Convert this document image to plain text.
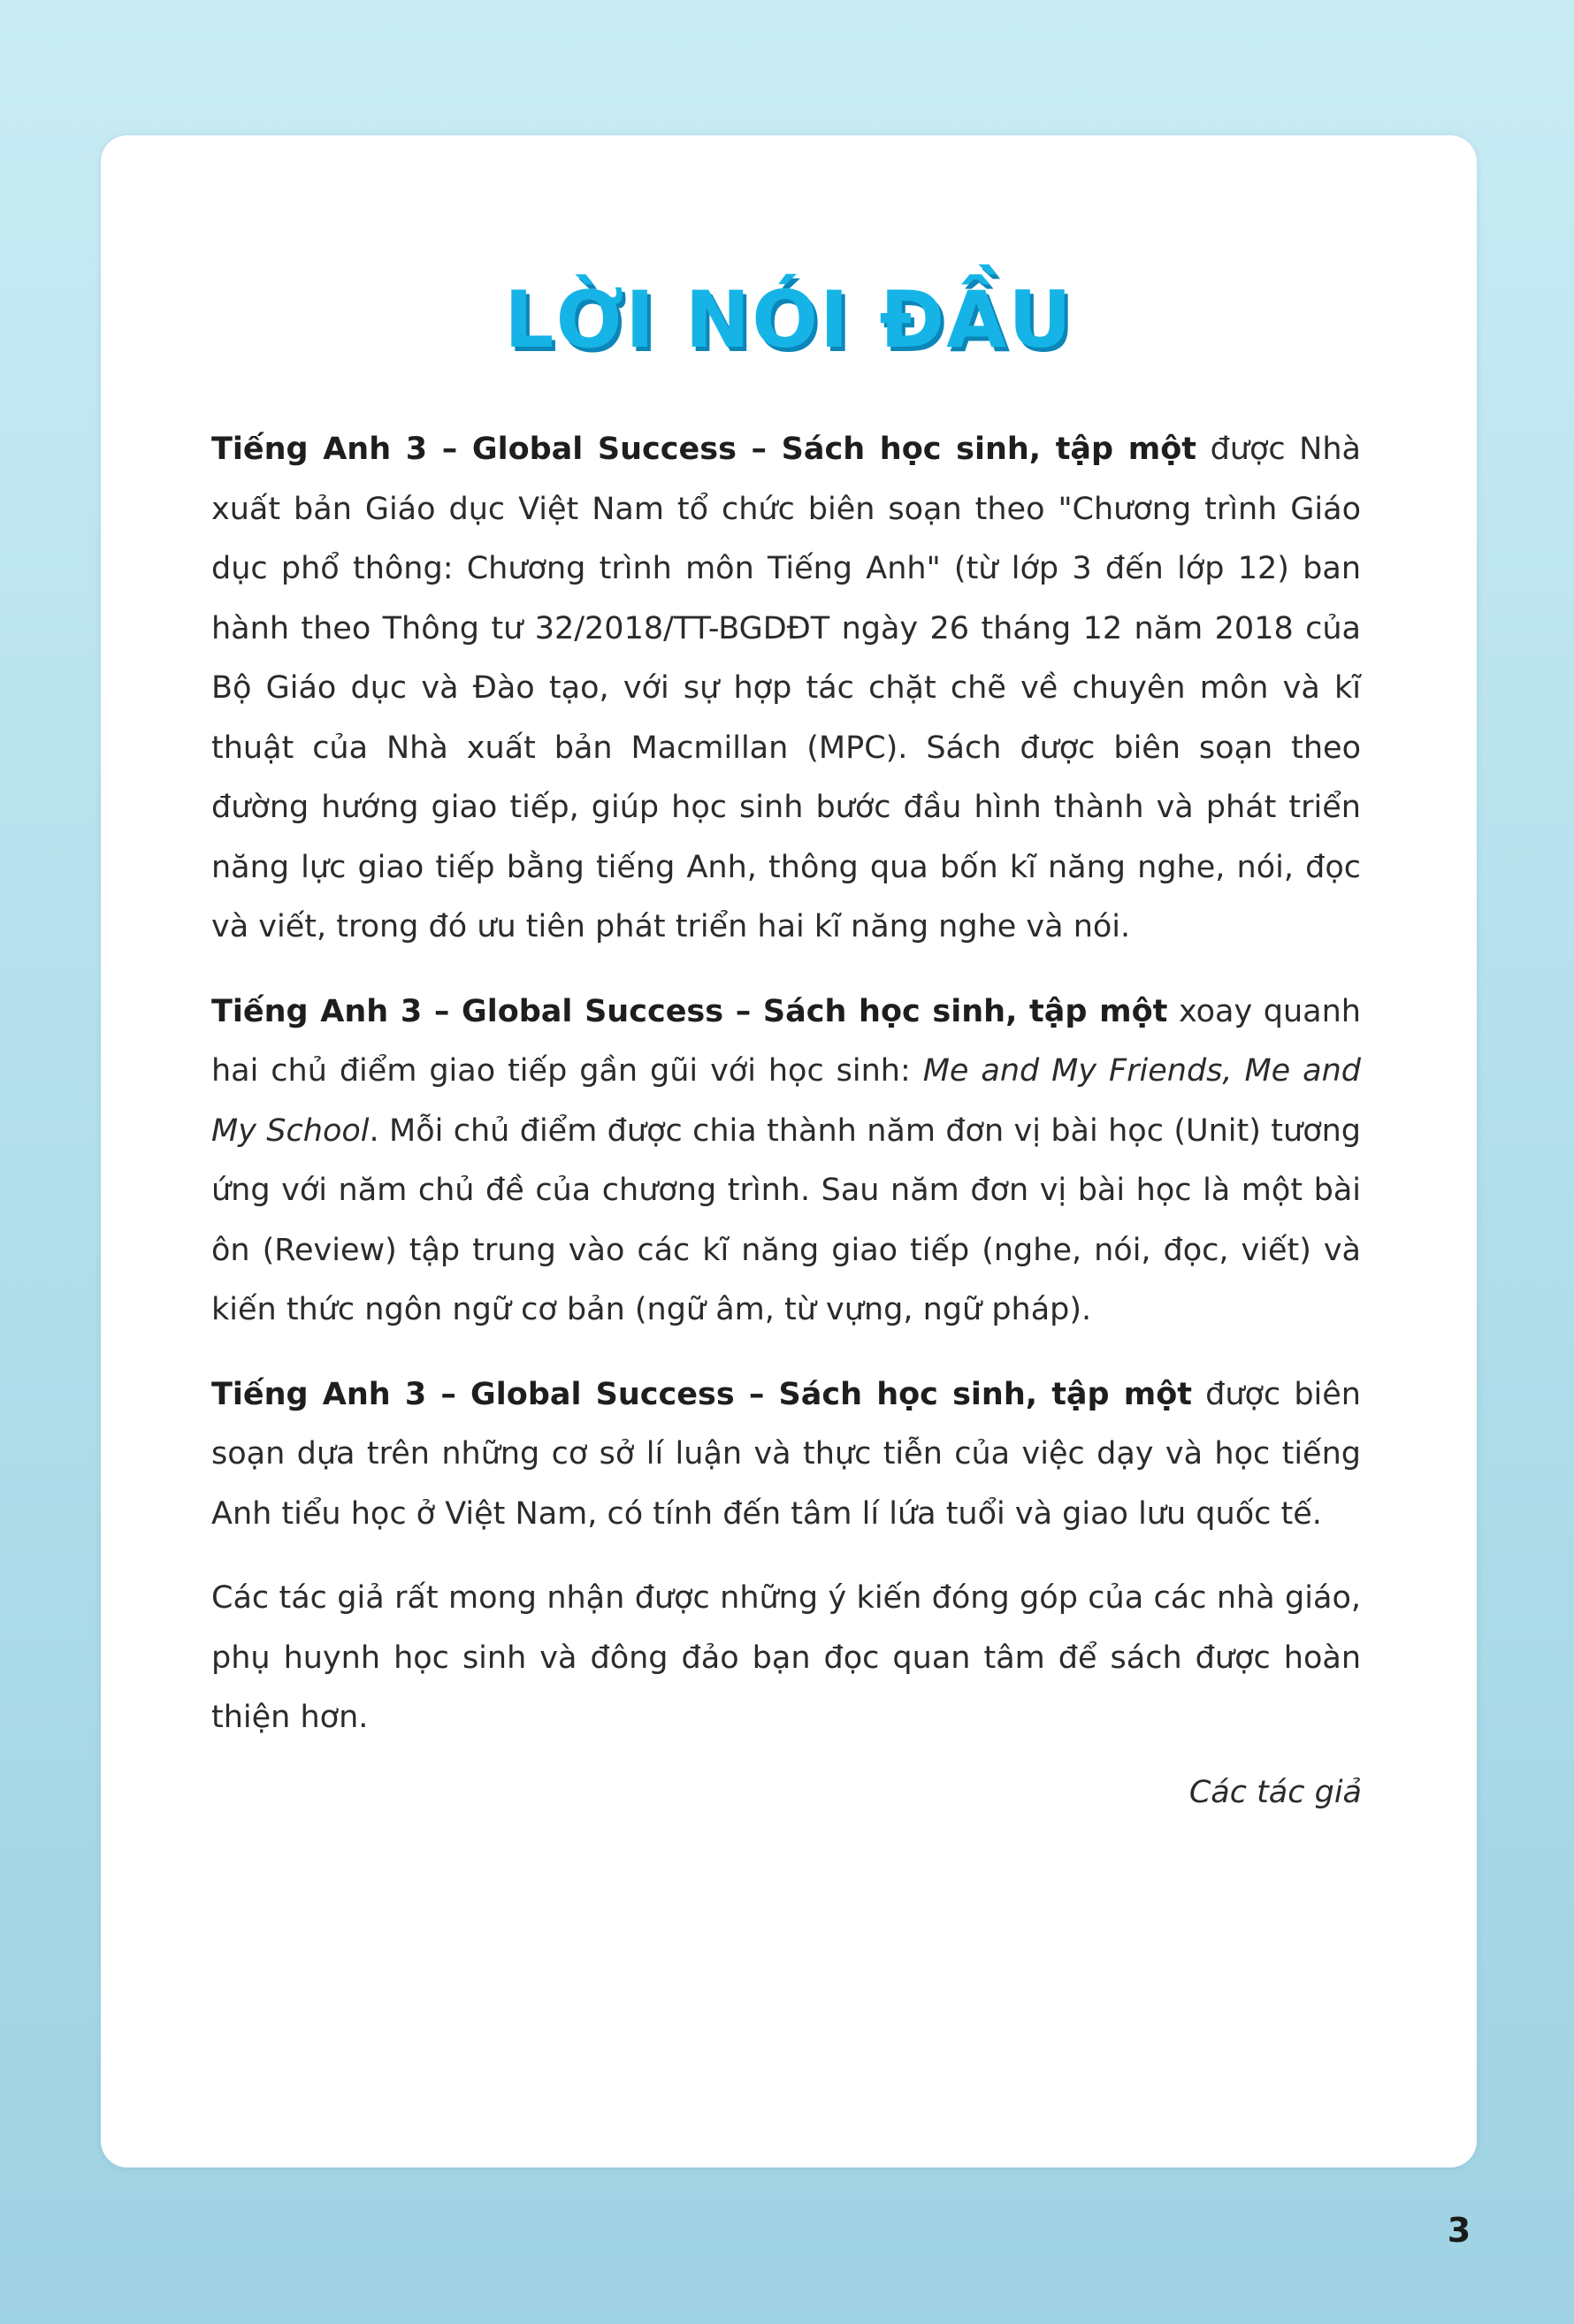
LỜI NÓI ĐẦU

Tiếng Anh 3 – Global Success – Sách học sinh, tập một được Nhà xuất bản Giáo dục Việt Nam tổ chức biên soạn theo "Chương trình Giáo dục phổ thông: Chương trình môn Tiếng Anh" (từ lớp 3 đến lớp 12) ban hành theo Thông tư 32/2018/TT-BGDĐT ngày 26 tháng 12 năm 2018 của Bộ Giáo dục và Đào tạo, với sự hợp tác chặt chẽ về chuyên môn và kĩ thuật của Nhà xuất bản Macmillan (MPC). Sách được biên soạn theo đường hướng giao tiếp, giúp học sinh bước đầu hình thành và phát triển năng lực giao tiếp bằng tiếng Anh, thông qua bốn kĩ năng nghe, nói, đọc và viết, trong đó ưu tiên phát triển hai kĩ năng nghe và nói.

Tiếng Anh 3 – Global Success – Sách học sinh, tập một xoay quanh hai chủ điểm giao tiếp gần gũi với học sinh: Me and My Friends, Me and My School. Mỗi chủ điểm được chia thành năm đơn vị bài học (Unit) tương ứng với năm chủ đề của chương trình. Sau năm đơn vị bài học là một bài ôn (Review) tập trung vào các kĩ năng giao tiếp (nghe, nói, đọc, viết) và kiến thức ngôn ngữ cơ bản (ngữ âm, từ vựng, ngữ pháp).

Tiếng Anh 3 – Global Success – Sách học sinh, tập một được biên soạn dựa trên những cơ sở lí luận và thực tiễn của việc dạy và học tiếng Anh tiểu học ở Việt Nam, có tính đến tâm lí lứa tuổi và giao lưu quốc tế.

Các tác giả rất mong nhận được những ý kiến đóng góp của các nhà giáo, phụ huynh học sinh và đông đảo bạn đọc quan tâm để sách được hoàn thiện hơn.

Các tác giả

3
